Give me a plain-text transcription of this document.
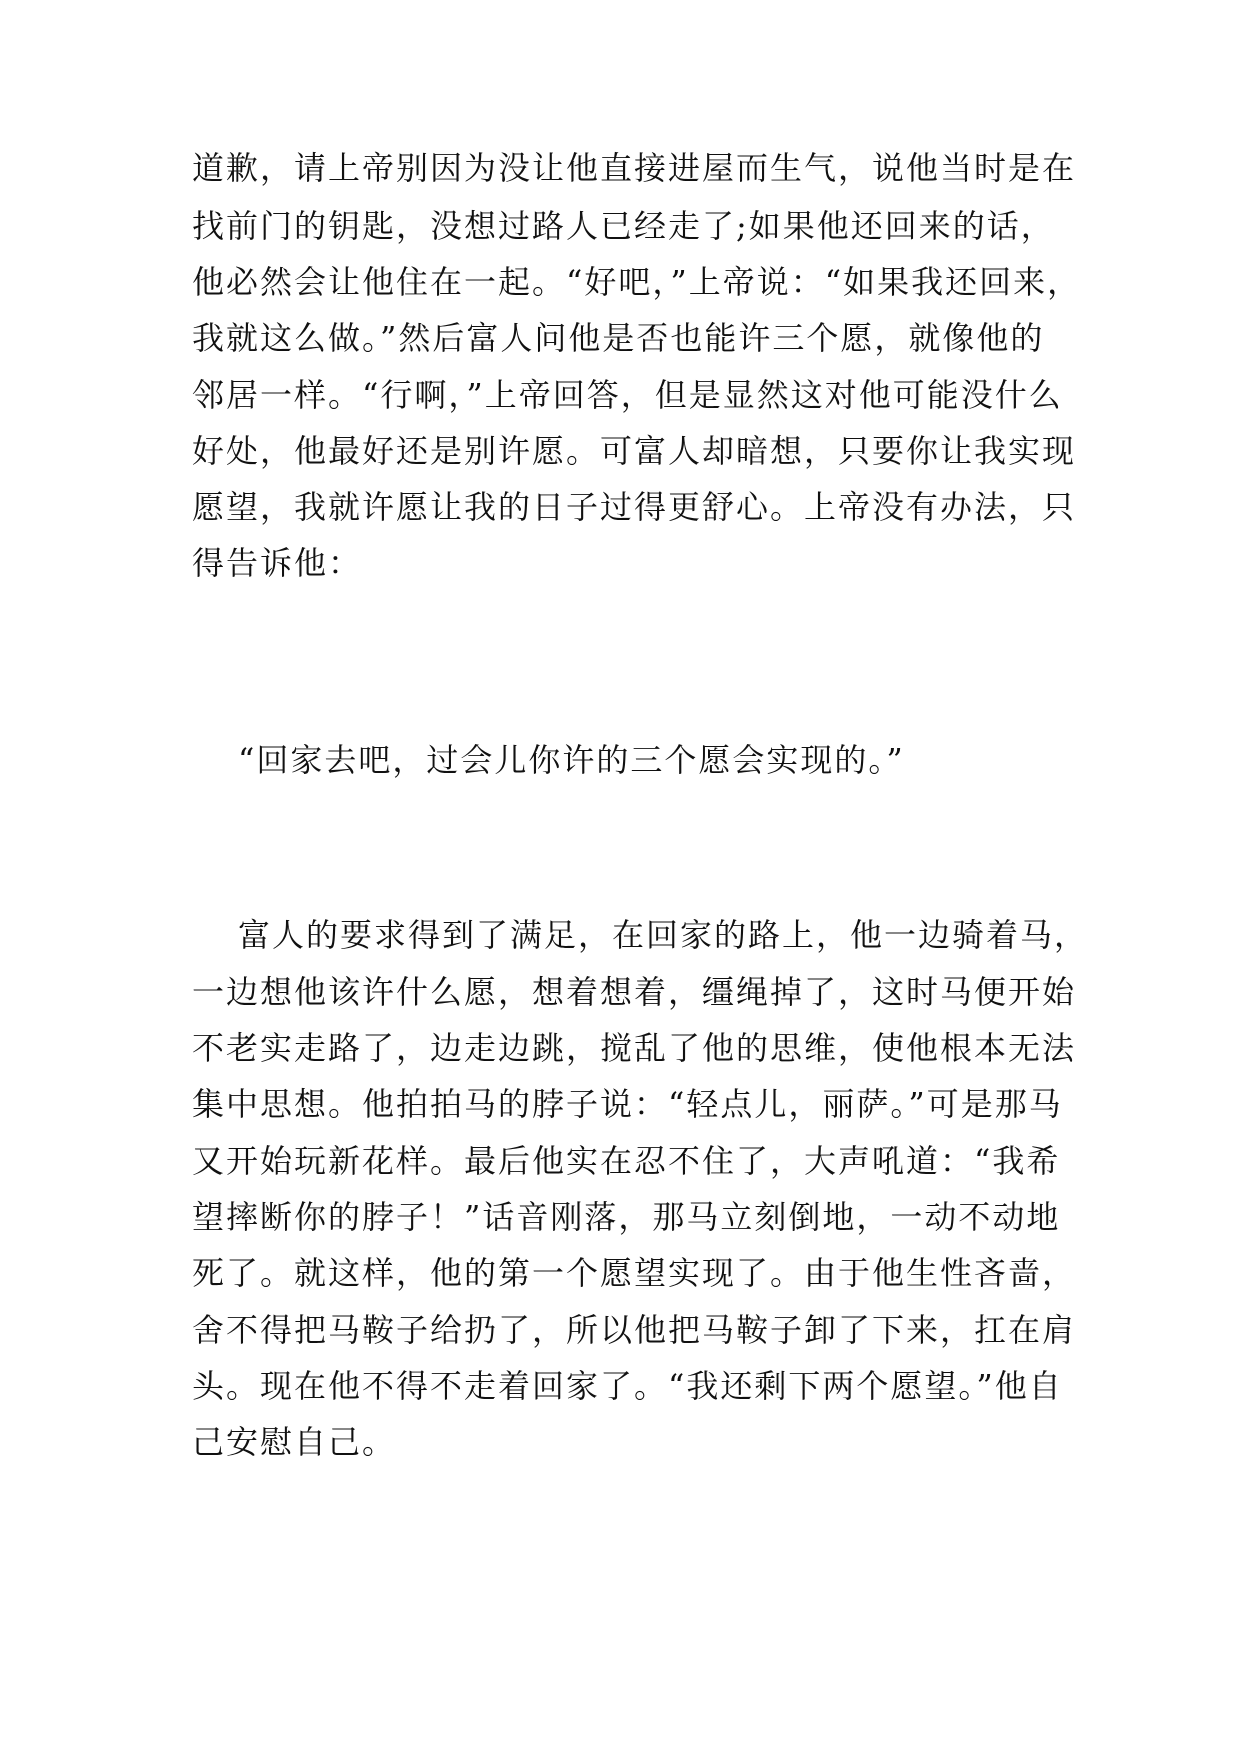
道歉，请上帝别因为没让他直接进屋而生气，说他当时是在
找前门的钥匙，没想过路人已经走了;如果他还回来的话，
他必然会让他住在一起。“好吧，”上帝说：“如果我还回来，
我就这么做。”然后富人问他是否也能许三个愿，就像他的
邻居一样。“行啊，”上帝回答，但是显然这对他可能没什么
好处，他最好还是别许愿。可富人却暗想，只要你让我实现
愿望，我就许愿让我的日子过得更舒心。上帝没有办法，只
得告诉他：
“回家去吧，过会儿你许的三个愿会实现的。”
富人的要求得到了满足，在回家的路上，他一边骑着马，
一边想他该许什么愿，想着想着，缰绳掉了，这时马便开始
不老实走路了，边走边跳，搅乱了他的思维，使他根本无法
集中思想。他拍拍马的脖子说：“轻点儿，丽萨。”可是那马
又开始玩新花样。最后他实在忍不住了，大声吼道：“我希
望摔断你的脖子！”话音刚落，那马立刻倒地，一动不动地
死了。就这样，他的第一个愿望实现了。由于他生性吝啬，
舍不得把马鞍子给扔了，所以他把马鞍子卸了下来，扛在肩
头。现在他不得不走着回家了。“我还剩下两个愿望。”他自
己安慰自己。
